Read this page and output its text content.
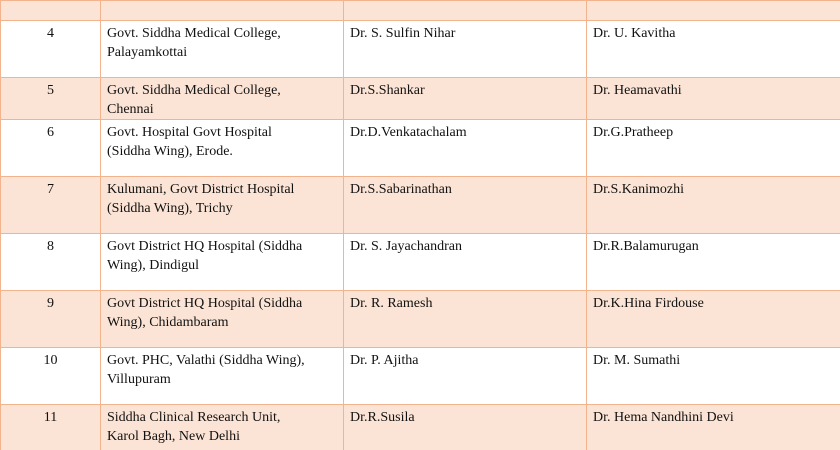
4	Govt. Siddha Medical College,
Palayamkottai	Dr. S. Sulfin Nihar	Dr. U. Kavitha

5	Govt. Siddha Medical College,
Chennai	Dr.S.Shankar	Dr. Heamavathi

6	Govt. Hospital Govt Hospital
(Siddha Wing), Erode.	Dr.D.Venkatachalam	Dr.G.Pratheep

7	Kulumani, Govt District Hospital
(Siddha Wing), Trichy	Dr.S.Sabarinathan	Dr.S.Kanimozhi

8	Govt District HQ Hospital (Siddha
Wing), Dindigul	Dr. S. Jayachandran	Dr.R.Balamurugan

9	Govt District HQ Hospital (Siddha
Wing), Chidambaram	Dr. R. Ramesh	Dr.K.Hina Firdouse

10	Govt. PHC, Valathi (Siddha Wing),
Villupuram	Dr. P. Ajitha	Dr. M. Sumathi

11	Siddha Clinical Research Unit,
Karol Bagh, New Delhi	Dr.R.Susila	Dr. Hema Nandhini Devi
